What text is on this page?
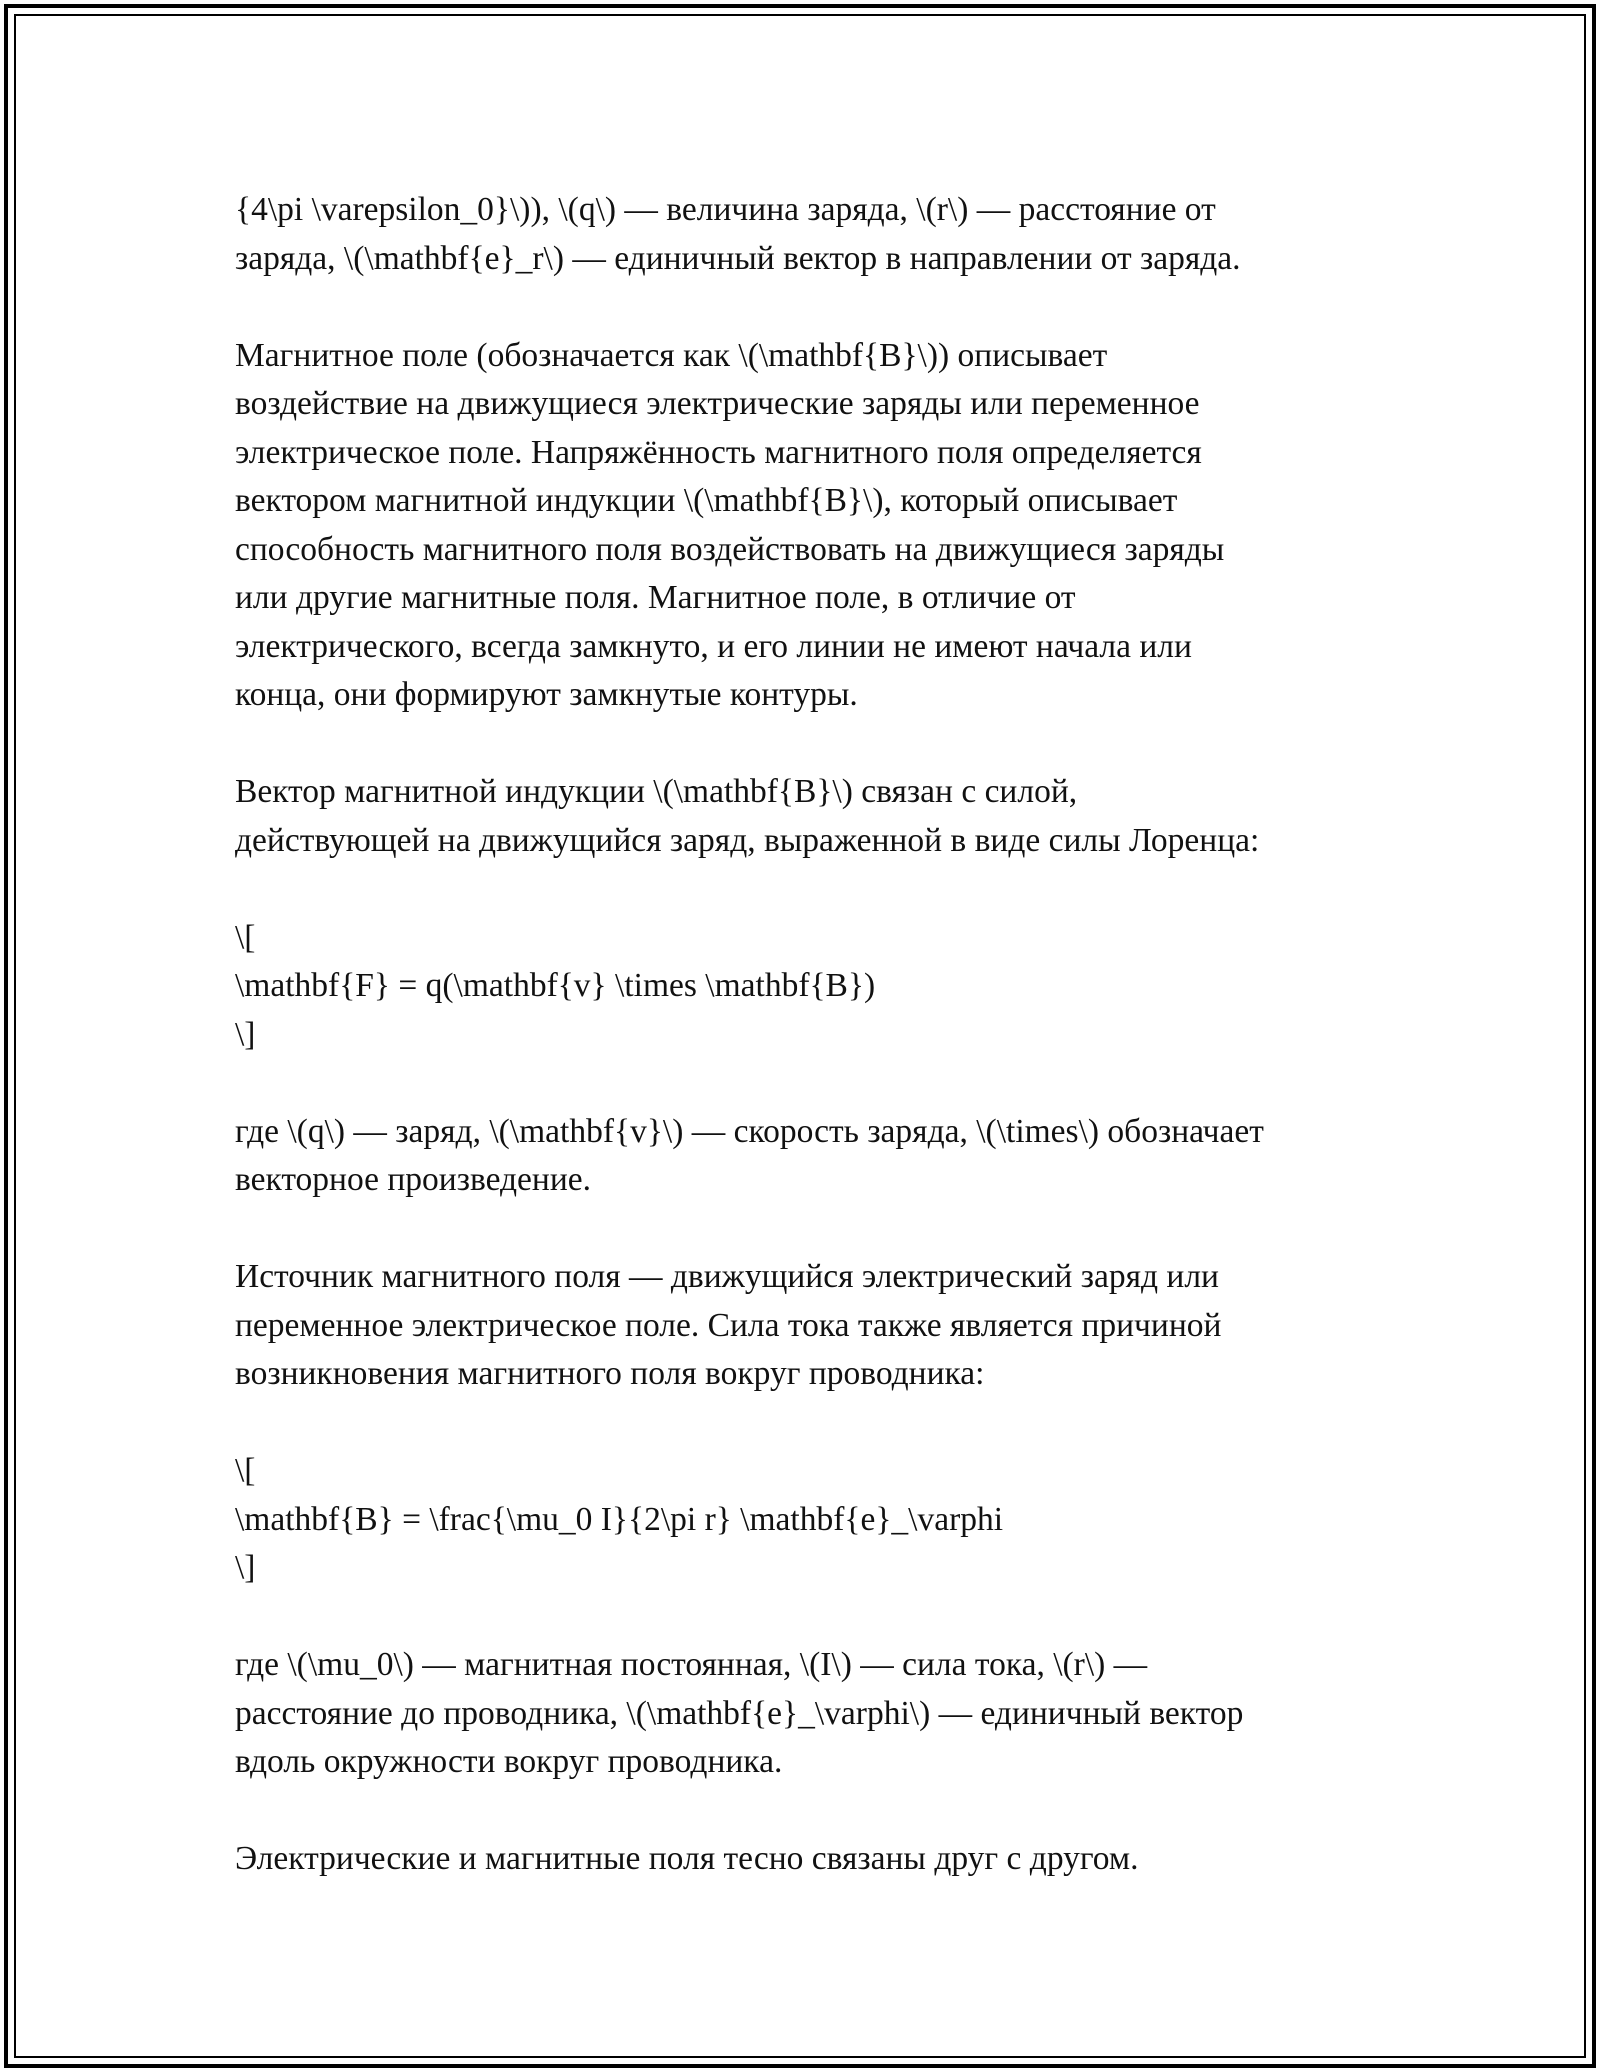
{4\pi \varepsilon_0}\)), \(q\) — величина заряда, \(r\) — расстояние от
заряда, \(\mathbf{e}_r\) — единичный вектор в направлении от заряда.

Магнитное поле (обозначается как \(\mathbf{B}\)) описывает
воздействие на движущиеся электрические заряды или переменное
электрическое поле. Напряжённость магнитного поля определяется
вектором магнитной индукции \(\mathbf{B}\), который описывает
способность магнитного поля воздействовать на движущиеся заряды
или другие магнитные поля. Магнитное поле, в отличие от
электрического, всегда замкнуто, и его линии не имеют начала или
конца, они формируют замкнутые контуры.

Вектор магнитной индукции \(\mathbf{B}\) связан с силой,
действующей на движущийся заряд, выраженной в виде силы Лоренца:

\[
\mathbf{F} = q(\mathbf{v} \times \mathbf{B})
\]

где \(q\) — заряд, \(\mathbf{v}\) — скорость заряда, \(\times\) обозначает
векторное произведение.

Источник магнитного поля — движущийся электрический заряд или
переменное электрическое поле. Сила тока также является причиной
возникновения магнитного поля вокруг проводника:

\[
\mathbf{B} = \frac{\mu_0 I}{2\pi r} \mathbf{e}_\varphi
\]

где \(\mu_0\) — магнитная постоянная, \(I\) — сила тока, \(r\) —
расстояние до проводника, \(\mathbf{e}_\varphi\) — единичный вектор
вдоль окружности вокруг проводника.

Электрические и магнитные поля тесно связаны друг с другом.
